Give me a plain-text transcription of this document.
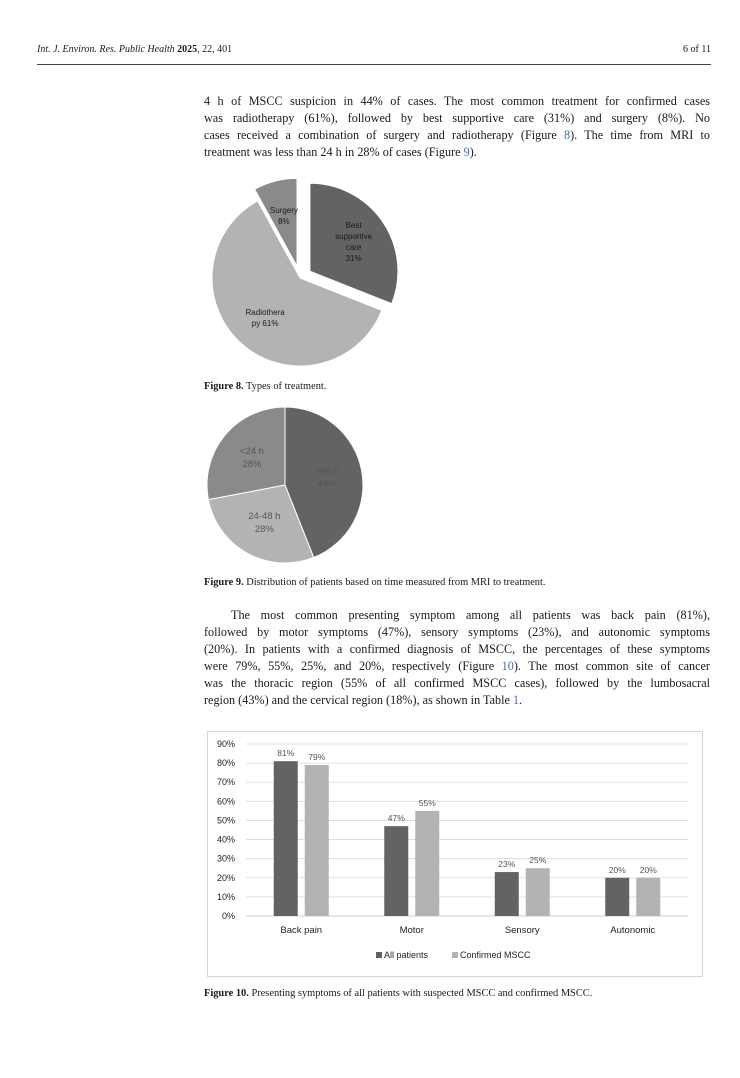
Int. J. Environ. Res. Public Health 2025, 22, 401	6 of 11
4 h of MSCC suspicion in 44% of cases. The most common treatment for confirmed cases
was radiotherapy (61%), followed by best supportive care (31%) and surgery (8%). No
cases received a combination of surgery and radiotherapy (Figure 8). The time from MRI to
treatment was less than 24 h in 28% of cases (Figure 9).
Best
supportive
care
31%
Radiothera
py 61%
Surgery
8%

Figure 8. Types of treatment.

>48 h
44%
24-48 h
28%
<24 h
28%

Figure 9. Distribution of patients based on time measured from MRI to treatment.

The most common presenting symptom among all patients was back pain (81%),
followed by motor symptoms (47%), sensory symptoms (23%), and autonomic symptoms
(20%). In patients with a confirmed diagnosis of MSCC, the percentages of these symptoms
were 79%, 55%, 25%, and 20%, respectively (Figure 10). The most common site of cancer
was the thoracic region (55% of all confirmed MSCC cases), followed by the lumbosacral
region (43%) and the cervical region (18%), as shown in Table 1.
0%
10%
20%
30%
40%
50%
60%
70%
80%
90%
81% 79%
Back pain
47%
55%
Motor
23% 25%
Sensory
20% 20%
Autonomic
All patients	Confirmed MSCC

Figure 10. Presenting symptoms of all patients with suspected MSCC and confirmed MSCC.
